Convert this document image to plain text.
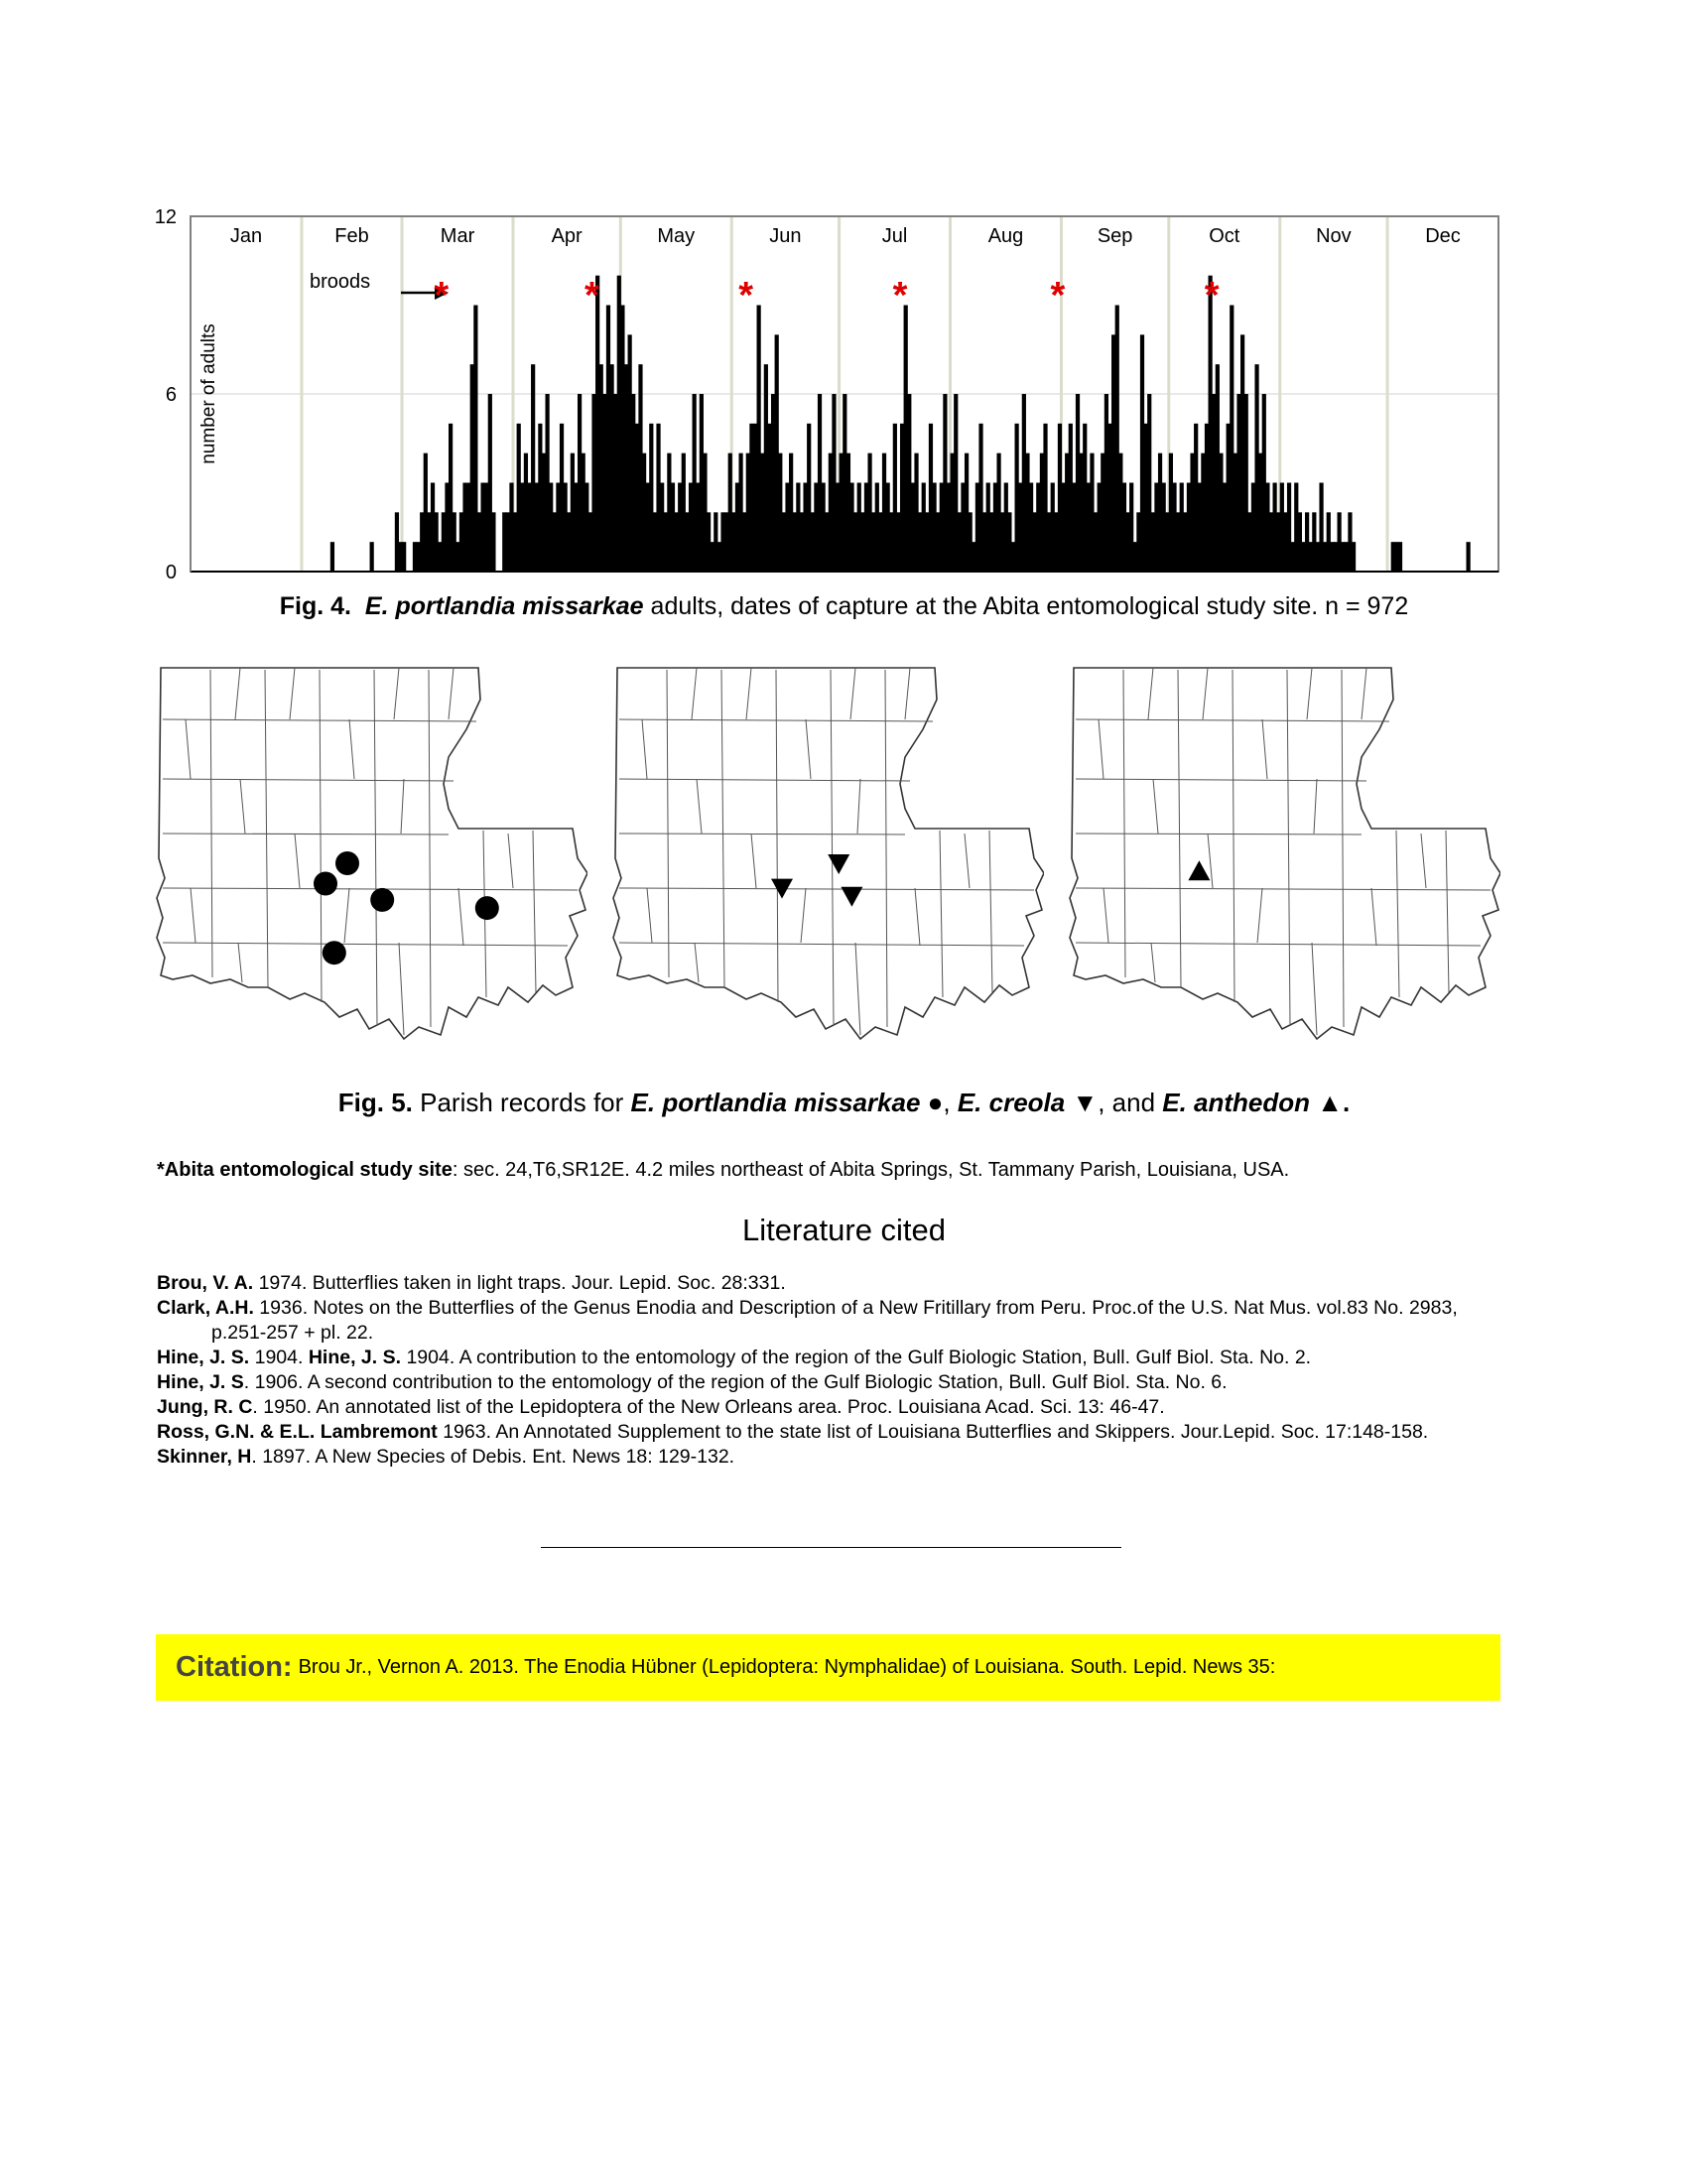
0
6
12
number of adults
Jan	Feb	Mar	Apr	May	Jun	Jul	Aug	Sep	Oct	Nov	Dec
broods *	*	*	*	*	*
Fig. 4. E. portlandia missarkae adults, dates of capture at the Abita entomological study site. n = 972
Fig. 5. Parish records for E. portlandia missarkae ●, E. creola ▼, and E. anthedon ▲.
*Abita entomological study site: sec. 24,T6,SR12E. 4.2 miles northeast of Abita Springs, St. Tammany Parish, Louisiana, USA.
Literature cited
Brou, V. A. 1974. Butterflies taken in light traps. Jour. Lepid. Soc. 28:331.
Clark, A.H. 1936. Notes on the Butterflies of the Genus Enodia and Description of a New Fritillary from Peru. Proc.of the U.S. Nat Mus. vol.83 No. 2983, p.251-257 + pl. 22.
Hine, J. S. 1904. Hine, J. S. 1904. A contribution to the entomology of the region of the Gulf Biologic Station, Bull. Gulf Biol. Sta. No. 2.
Hine, J. S. 1906. A second contribution to the entomology of the region of the Gulf Biologic Station, Bull. Gulf Biol. Sta. No. 6.
Jung, R. C. 1950. An annotated list of the Lepidoptera of the New Orleans area. Proc. Louisiana Acad. Sci. 13: 46-47.
Ross, G.N. & E.L. Lambremont 1963. An Annotated Supplement to the state list of Louisiana Butterflies and Skippers. Jour.Lepid. Soc. 17:148-158.
Skinner, H. 1897. A New Species of Debis. Ent. News 18: 129-132.
Citation: Brou Jr., Vernon A. 2013. The Enodia Hübner (Lepidoptera: Nymphalidae) of Louisiana. South. Lepid. News 35:
